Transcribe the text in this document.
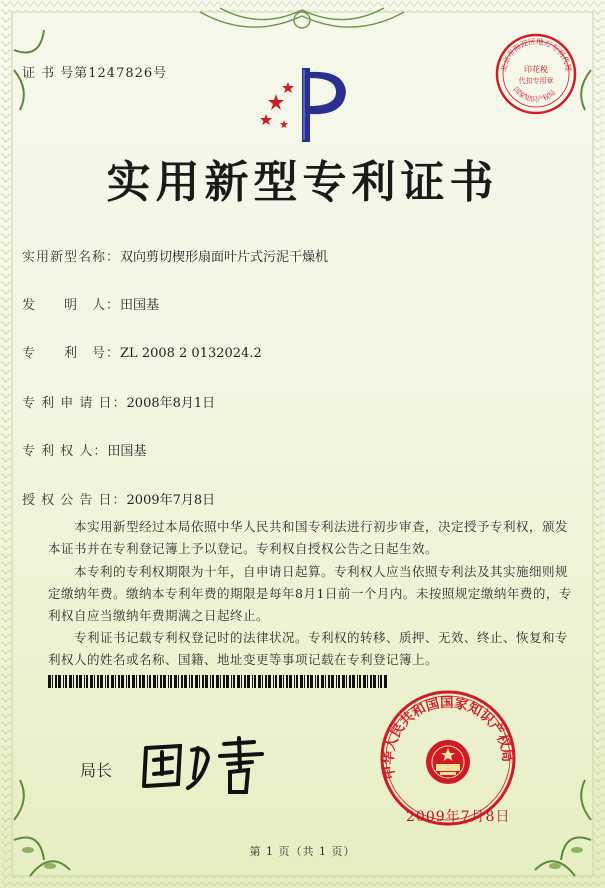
证 书 号第1247826号	北京市海淀区地方专利代理
印花税
代扣专用章
国家知识产权局
实用新型专利证书
实用新型名称：双向剪切楔形扇面叶片式污泥干燥机
发　　明　人：田国基
专　　利　号：ZL 2008 2 0132024.2
专 利 申 请 日：2008年8月1日
专 利 权 人：田国基
授 权 公 告 日：2009年7月8日

本实用新型经过本局依照中华人民共和国专利法进行初步审查，决定授予专利权，颁发本证书并在专利登记簿上予以登记。专利权自授权公告之日起生效。

本专利的专利权期限为十年，自申请日起算。专利权人应当依照专利法及其实施细则规定缴纳年费。缴纳本专利年费的期限是每年8月1日前一个月内。未按照规定缴纳年费的，专利权自应当缴纳年费期满之日起终止。

专利证书记载专利权登记时的法律状况。专利权的转移、质押、无效、终止、恢复和专利权人的姓名或名称、国籍、地址变更等事项记载在专利登记簿上。

局长	中华人民共和国国家知识产权局
2009年7月8日
第 1 页（共 1 页）
